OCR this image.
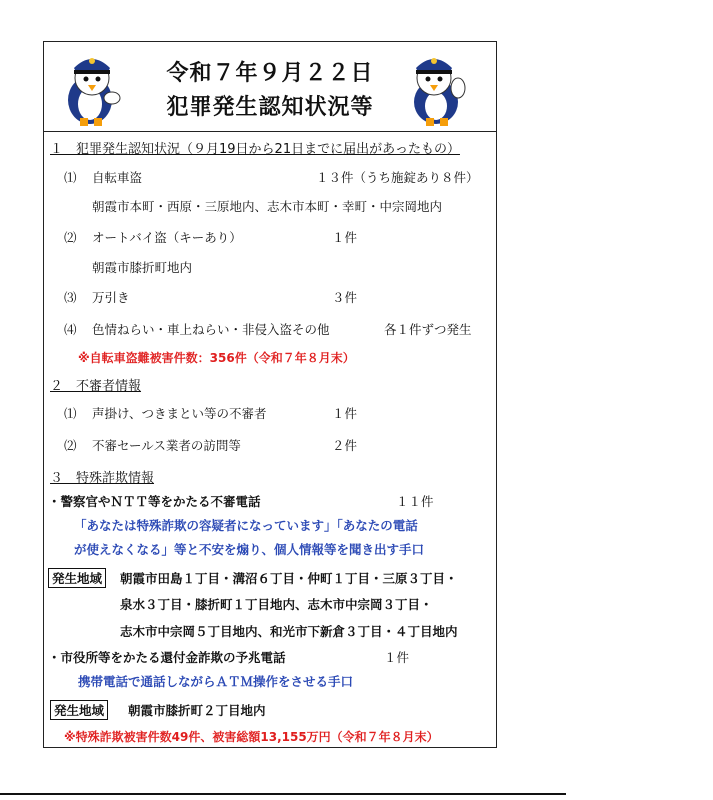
令和７年９月２２日
犯罪発生認知状況等
１　犯罪発生認知状況（９月19日から21日までに届出があったもの）
⑴ 自転車盗	１３件（うち施錠あり８件）
朝霞市本町・西原・三原地内、志木市本町・幸町・中宗岡地内
⑵ オートバイ盗（キーあり）	１件
朝霞市膝折町地内
⑶ 万引き	３件
⑷ 色情ねらい・車上ねらい・非侵入盗その他	各１件ずつ発生
※自転車盗難被害件数：356件（令和７年８月末）
２　不審者情報
⑴ 声掛け、つきまとい等の不審者	１件
⑵ 不審セールス業者の訪問等	２件
３　特殊詐欺情報
・警察官やＮＴＴ等をかたる不審電話	１１件
「あなたは特殊詐欺の容疑者になっています」「あなたの電話
が使えなくなる」等と不安を煽り、個人情報等を聞き出す手口
発生地域	朝霞市田島１丁目・溝沼６丁目・仲町１丁目・三原３丁目・
泉水３丁目・膝折町１丁目地内、志木市中宗岡３丁目・
志木市中宗岡５丁目地内、和光市下新倉３丁目・４丁目地内
・市役所等をかたる還付金詐欺の予兆電話	１件
携帯電話で通話しながらＡＴＭ操作をさせる手口
発生地域	朝霞市膝折町２丁目地内
※特殊詐欺被害件数49件、被害総額13,155万円（令和７年８月末）
